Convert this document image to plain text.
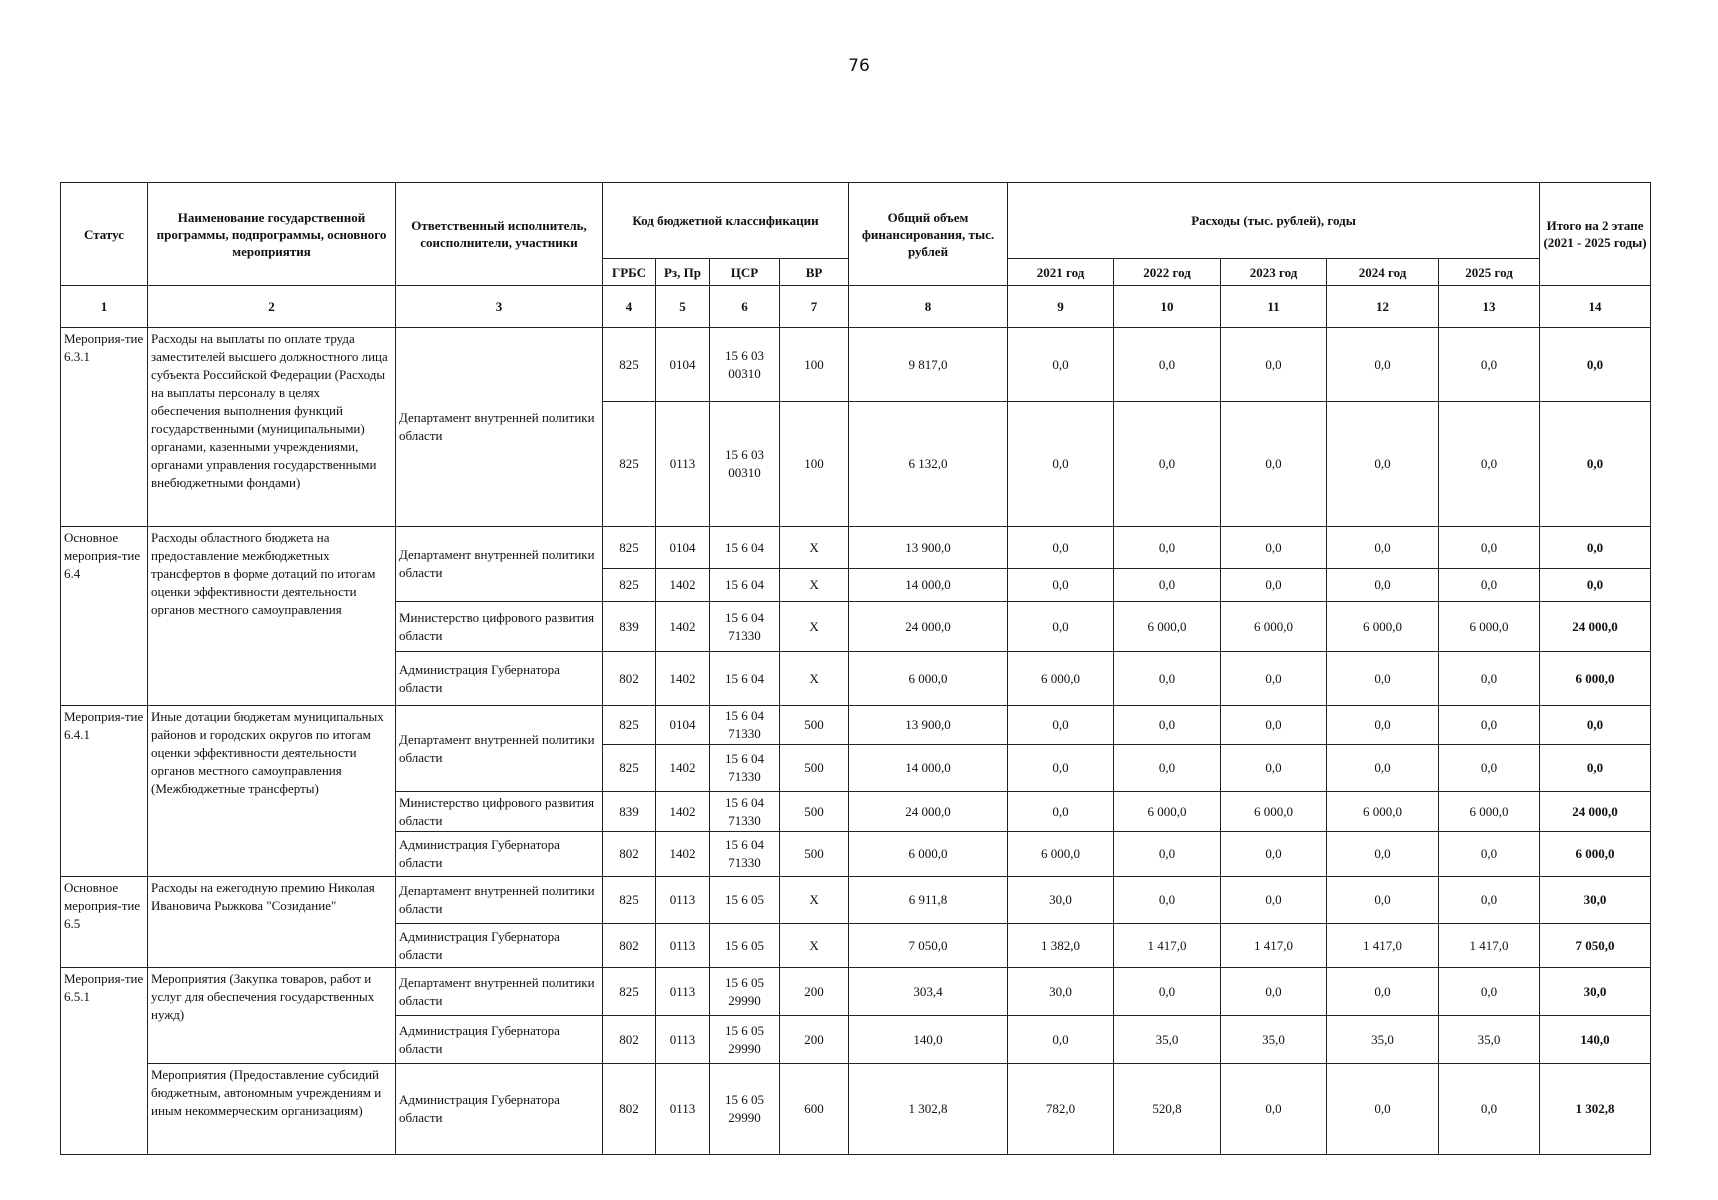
76
Статус	Наименование государственной программы, подпрограммы, основного мероприятия	Ответственный исполнитель, соисполнители, участники	Код бюджетной классификации				Общий объем финансирования, тыс. рублей	Расходы (тыс. рублей), годы					Итого на 2 этапе (2021 - 2025 годы)
			ГРБС	Рз, Пр	ЦСР	ВР		2021 год	2022 год	2023 год	2024 год	2025 год	
1	2	3	4	5	6	7	8	9	10	11	12	13	14
Мероприя-тие 6.3.1	Расходы на выплаты по оплате труда заместителей высшего должностного лица субъекта Российской Федерации (Расходы на выплаты персоналу в целях обеспечения выполнения функций государственными (муниципальными) органами, казенными учреждениями, органами управления государственными внебюджетными фондами)	Департамент внутренней политики области	825	0104	15 6 03 00310	100	9 817,0	0,0	0,0	0,0	0,0	0,0	0,0
			825	0113	15 6 03 00310	100	6 132,0	0,0	0,0	0,0	0,0	0,0	0,0
Основное мероприя-тие 6.4	Расходы областного бюджета на предоставление межбюджетных трансфертов в форме дотаций по итогам оценки эффективности деятельности органов местного самоуправления	Департамент внутренней политики области	825	0104	15 6 04	Х	13 900,0	0,0	0,0	0,0	0,0	0,0	0,0
			825	1402	15 6 04	Х	14 000,0	0,0	0,0	0,0	0,0	0,0	0,0
		Министерство цифрового развития области	839	1402	15 6 04 71330	Х	24 000,0	0,0	6 000,0	6 000,0	6 000,0	6 000,0	24 000,0
		Администрация Губернатора области	802	1402	15 6 04	Х	6 000,0	6 000,0	0,0	0,0	0,0	0,0	6 000,0
Мероприя-тие 6.4.1	Иные дотации бюджетам муниципальных районов и городских округов по итогам оценки эффективности деятельности органов местного самоуправления (Межбюджетные трансферты)	Департамент внутренней политики области	825	0104	15 6 04 71330	500	13 900,0	0,0	0,0	0,0	0,0	0,0	0,0
			825	1402	15 6 04 71330	500	14 000,0	0,0	0,0	0,0	0,0	0,0	0,0
		Министерство цифрового развития области	839	1402	15 6 04 71330	500	24 000,0	0,0	6 000,0	6 000,0	6 000,0	6 000,0	24 000,0
		Администрация Губернатора области	802	1402	15 6 04 71330	500	6 000,0	6 000,0	0,0	0,0	0,0	0,0	6 000,0
Основное мероприя-тие 6.5	Расходы на ежегодную премию Николая Ивановича Рыжкова "Созидание"	Департамент внутренней политики области	825	0113	15 6 05	Х	6 911,8	30,0	0,0	0,0	0,0	0,0	30,0
		Администрация Губернатора области	802	0113	15 6 05	Х	7 050,0	1 382,0	1 417,0	1 417,0	1 417,0	1 417,0	7 050,0
Мероприя-тие 6.5.1	Мероприятия (Закупка товаров, работ и услуг для обеспечения государственных нужд)	Департамент внутренней политики области	825	0113	15 6 05 29990	200	303,4	30,0	0,0	0,0	0,0	0,0	30,0
		Администрация Губернатора области	802	0113	15 6 05 29990	200	140,0	0,0	35,0	35,0	35,0	35,0	140,0
	Мероприятия (Предоставление субсидий бюджетным, автономным учреждениям и иным некоммерческим организациям)	Администрация Губернатора области	802	0113	15 6 05 29990	600	1 302,8	782,0	520,8	0,0	0,0	0,0	1 302,8
